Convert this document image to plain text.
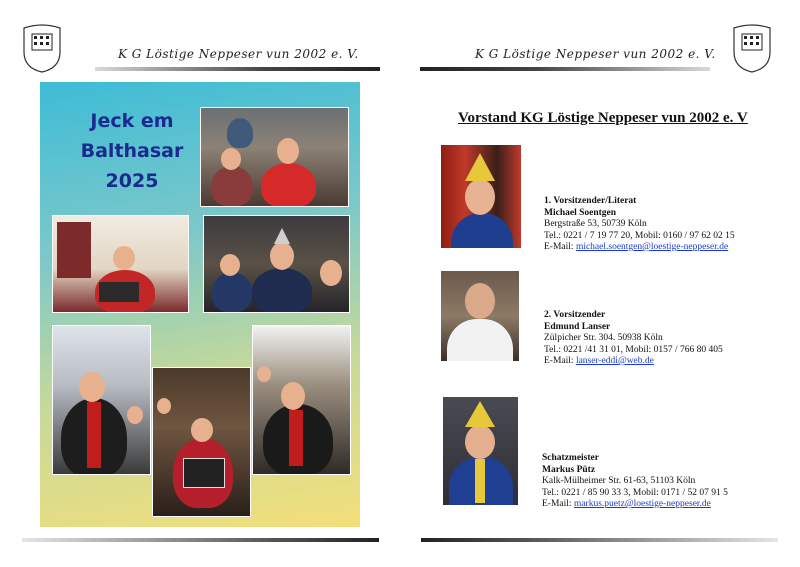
K G Löstige Neppeser vun 2002 e. V.	K G Löstige Neppeser vun 2002 e. V.
Jeck em
Balthasar
2025
Vorstand KG Löstige Neppeser vun 2002 e. V
1. Vorsitzender/Literat
Michael Soentgen
Bergstraße 53, 50739 Köln
Tel.: 0221 / 7 19 77 20, Mobil: 0160 / 97 62 02 15
E-Mail: michael.soentgen@loestige-neppeser.de
2. Vorsitzender
Edmund Lanser
Zülpicher Str. 304. 50938 Köln
Tel.: 0221 /41 31 01, Mobil: 0157 / 766 80 405
E-Mail: lanser-eddi@web.de
Schatzmeister
Markus Pütz
Kalk-Mülheimer Str. 61-63, 51103 Köln
Tel.: 0221 / 85 90 33 3, Mobil: 0171 / 52 07 91 5
E-Mail: markus.puetz@loestige-neppeser.de
